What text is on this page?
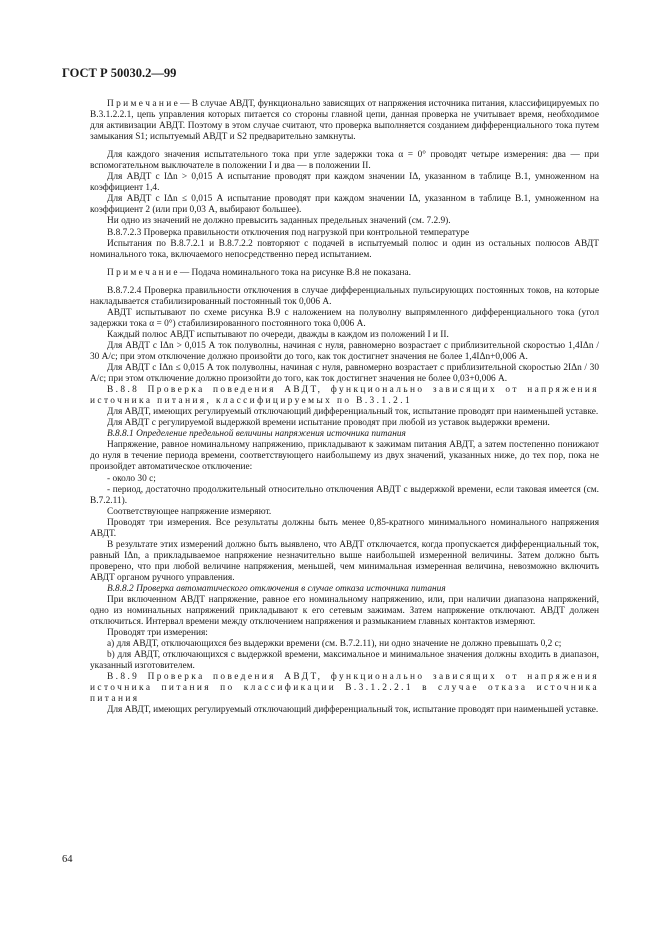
ГОСТ Р 50030.2—99

П р и м е ч а н и е — В случае АВДТ, функционально зависящих от напряжения источника питания, классифицируемых по В.3.1.2.2.1, цепь управления которых питается со стороны главной цепи, данная проверка не учитывает время, необходимое для активизации АВДТ. Поэтому в этом случае считают, что проверка выполняется созданием дифференциального тока путем замыкания S1; испытуемый АВДТ и S2 предварительно замкнуты.

Для каждого значения испытательного тока при угле задержки тока α = 0° проводят четыре измерения: два — при вспомогательном выключателе в положении I и два — в положении II.

Для АВДТ с IΔn > 0,015 А испытание проводят при каждом значении IΔ, указанном в таблице В.1, умноженном на коэффициент 1,4.

Для АВДТ с IΔn ≤ 0,015 А испытание проводят при каждом значении IΔ, указанном в таблице В.1, умноженном на коэффициент 2 (или при 0,03 А, выбирают большее).

Ни одно из значений не должно превысить заданных предельных значений (см. 7.2.9).

В.8.7.2.3 Проверка правильности отключения под нагрузкой при контрольной температуре

Испытания по В.8.7.2.1 и В.8.7.2.2 повторяют с подачей в испытуемый полюс и один из остальных полюсов АВДТ номинального тока, включаемого непосредственно перед испытанием.

П р и м е ч а н и е — Подача номинального тока на рисунке В.8 не показана.

В.8.7.2.4 Проверка правильности отключения в случае дифференциальных пульсирующих постоянных токов, на которые накладывается стабилизированный постоянный ток 0,006 А.

АВДТ испытывают по схеме рисунка В.9 с наложением на полуволну выпрямленного дифференциального тока (угол задержки тока α = 0°) стабилизированного постоянного тока 0,006 А.

Каждый полюс АВДТ испытывают по очереди, дважды в каждом из положений I и II.

Для АВДТ с IΔn > 0,015 А ток полуволны, начиная с нуля, равномерно возрастает с приблизительной скоростью 1,4IΔn / 30 А/с; при этом отключение должно произойти до того, как ток достигнет значения не более 1,4IΔn+0,006 А.

Для АВДТ с IΔn ≤ 0,015 А ток полуволны, начиная с нуля, равномерно возрастает с приблизительной скоростью 2IΔn / 30 А/с; при этом отключение должно произойти до того, как ток достигнет значения не более 0,03+0,006 А.

В.8.8 Проверка поведения АВДТ, функционально зависящих от напряжения источника питания, классифицируемых по В.3.1.2.1

Для АВДТ, имеющих регулируемый отключающий дифференциальный ток, испытание проводят при наименьшей уставке.

Для АВДТ с регулируемой выдержкой времени испытание проводят при любой из уставок выдержки времени.

В.8.8.1 Определение предельной величины напряжения источника питания

Напряжение, равное номинальному напряжению, прикладывают к зажимам питания АВДТ, а затем постепенно понижают до нуля в течение периода времени, соответствующего наибольшему из двух значений, указанных ниже, до тех пор, пока не произойдет автоматическое отключение:

- около 30 с;

- период, достаточно продолжительный относительно отключения АВДТ с выдержкой времени, если таковая имеется (см. В.7.2.11).

Соответствующее напряжение измеряют.

Проводят три измерения. Все результаты должны быть менее 0,85-кратного минимального номинального напряжения АВДТ.

В результате этих измерений должно быть выявлено, что АВДТ отключается, когда пропускается дифференциальный ток, равный IΔn, а прикладываемое напряжение незначительно выше наибольшей измеренной величины. Затем должно быть проверено, что при любой величине напряжения, меньшей, чем минимальная измеренная величина, невозможно включить АВДТ органом ручного управления.

В.8.8.2 Проверка автоматического отключения в случае отказа источника питания

При включенном АВДТ напряжение, равное его номинальному напряжению, или, при наличии диапазона напряжений, одно из номинальных напряжений прикладывают к его сетевым зажимам. Затем напряжение отключают. АВДТ должен отключиться. Интервал времени между отключением напряжения и размыканием главных контактов измеряют.

Проводят три измерения:

а) для АВДТ, отключающихся без выдержки времени (см. В.7.2.11), ни одно значение не должно превышать 0,2 с;

b) для АВДТ, отключающихся с выдержкой времени, максимальное и минимальное значения должны входить в диапазон, указанный изготовителем.

В.8.9 Проверка поведения АВДТ, функционально зависящих от напряжения источника питания по классификации В.3.1.2.2.1 в случае отказа источника питания

Для АВДТ, имеющих регулируемый отключающий дифференциальный ток, испытание проводят при наименьшей уставке.

64
